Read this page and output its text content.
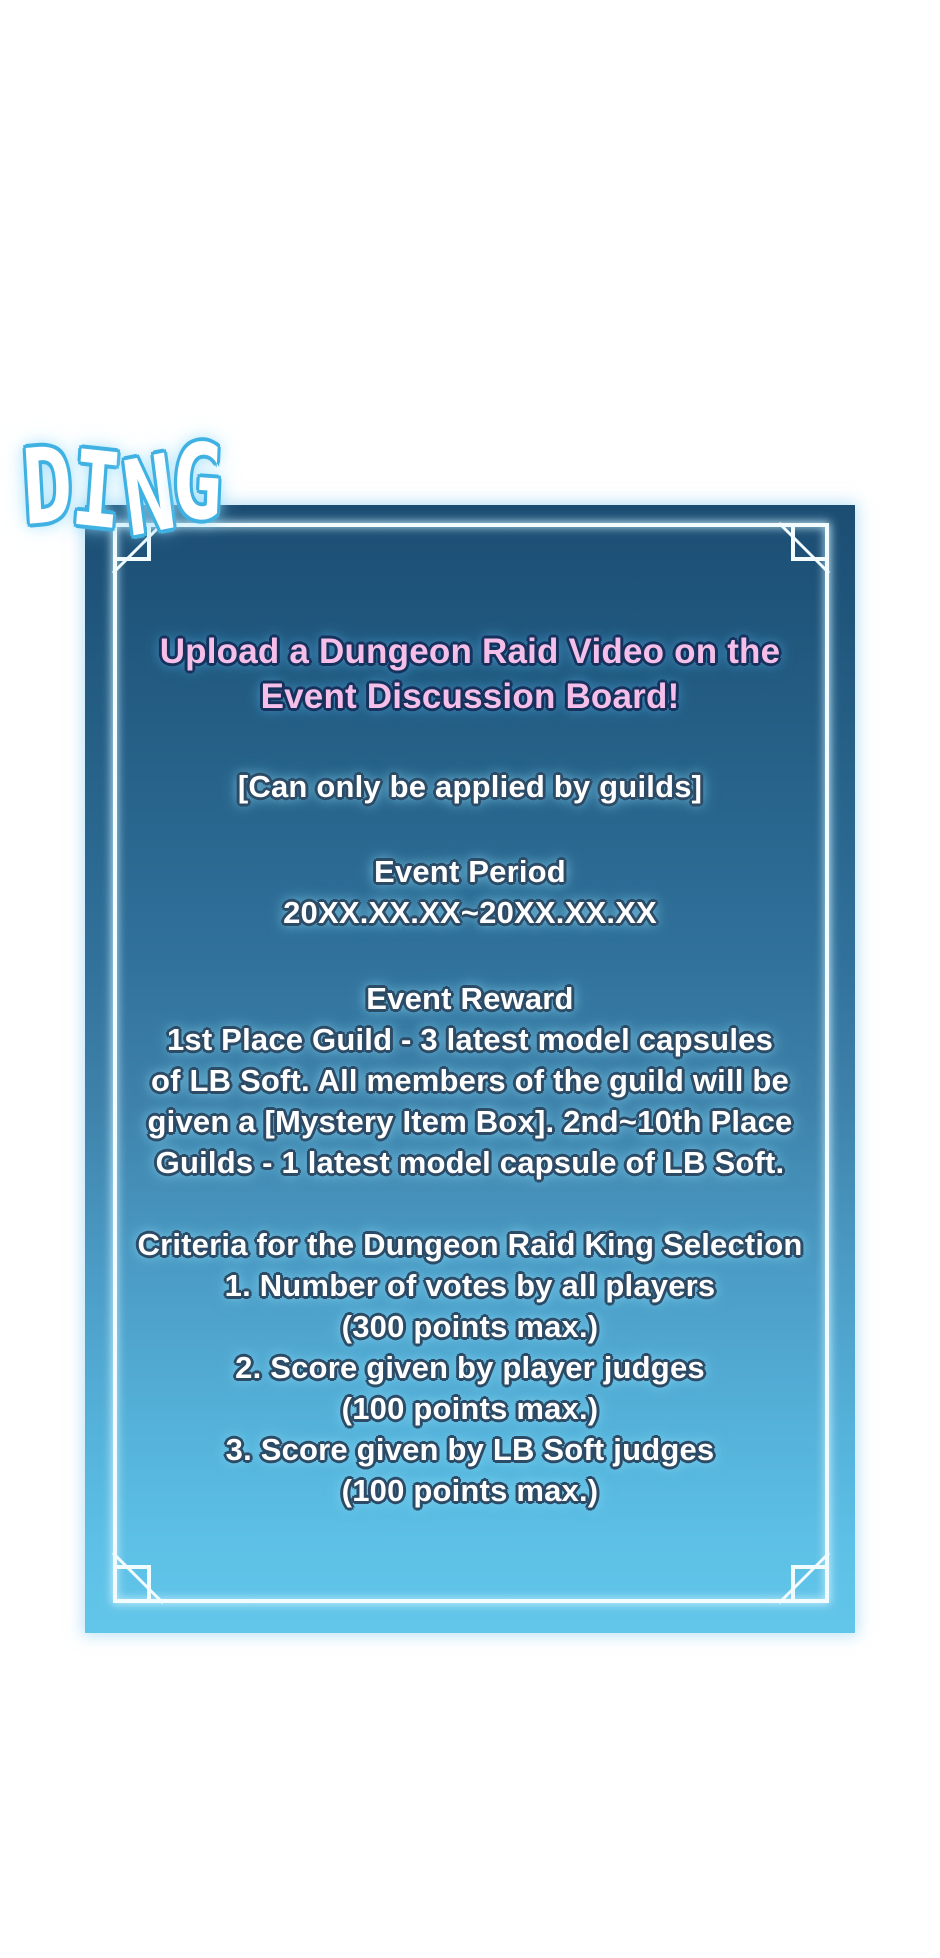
D
I
N
G
Upload a Dungeon Raid Video on the
Event Discussion Board!
[Can only be applied by guilds]
Event Period
20XX.XX.XX~20XX.XX.XX
Event Reward
1st Place Guild - 3 latest model capsules
of LB Soft. All members of the guild will be
given a [Mystery Item Box]. 2nd~10th Place
Guilds - 1 latest model capsule of LB Soft.
Criteria for the Dungeon Raid King Selection
1. Number of votes by all players
(300 points max.)
2. Score given by player judges
(100 points max.)
3. Score given by LB Soft judges
(100 points max.)
